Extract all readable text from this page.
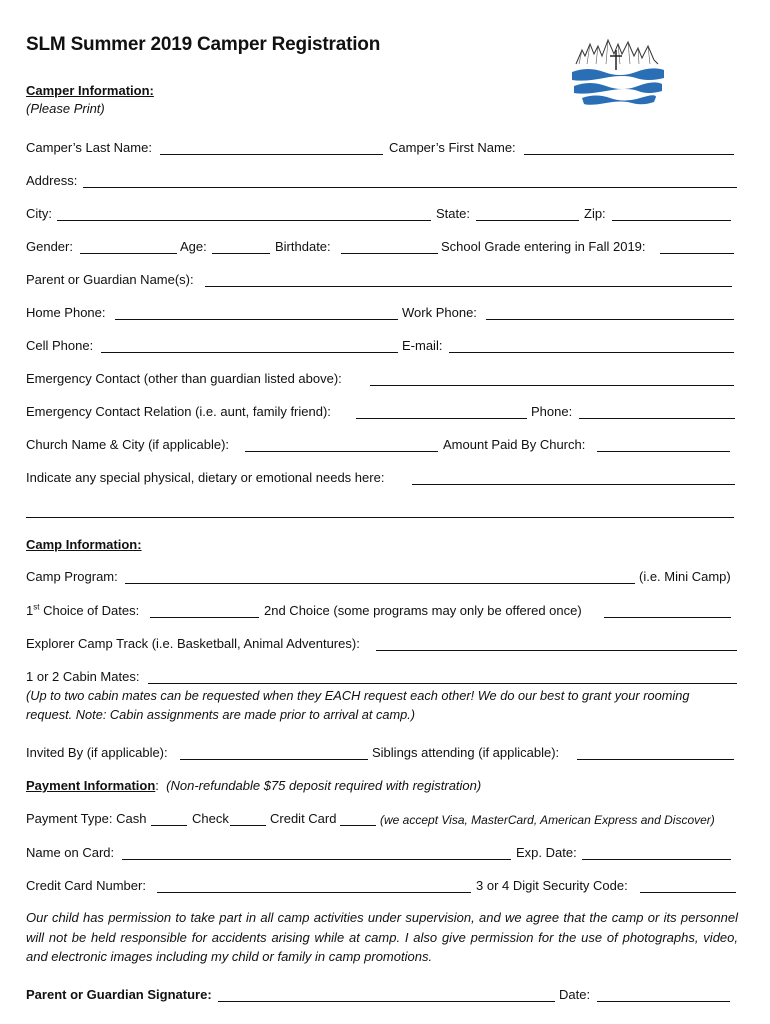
SLM Summer 2019 Camper Registration
Camper Information:
(Please Print)
Camper’s Last Name:	Camper’s First Name:
Address:
City:	State:	Zip:
Gender:	Age:	Birthdate:	School Grade entering in Fall 2019:
Parent or Guardian Name(s):
Home Phone:	Work Phone:
Cell Phone:	E-mail:
Emergency Contact (other than guardian listed above):
Emergency Contact Relation (i.e. aunt, family friend):	Phone:
Church Name & City (if applicable):	Amount Paid By Church:
Indicate any special physical, dietary or emotional needs here:
Camp Information:
Camp Program:	(i.e. Mini Camp)
1st Choice of Dates:	2nd Choice (some programs may only be offered once)
Explorer Camp Track (i.e. Basketball, Animal Adventures):
1 or 2 Cabin Mates:
(Up to two cabin mates can be requested when they EACH request each other! We do our best to grant your rooming
request. Note: Cabin assignments are made prior to arrival at camp.)
Invited By (if applicable):	Siblings attending (if applicable):
Payment Information: (Non-refundable $75 deposit required with registration)
Payment Type: Cash	Check	Credit Card	(we accept Visa, MasterCard, American Express and Discover)
Name on Card:	Exp. Date:
Credit Card Number:	3 or 4 Digit Security Code:
Our child has permission to take part in all camp activities under supervision, and we agree that the camp or its personnel will not be held responsible for accidents arising while at camp. I also give permission for the use of photographs, video, and electronic images including my child or family in camp promotions.
Parent or Guardian Signature:	Date:
